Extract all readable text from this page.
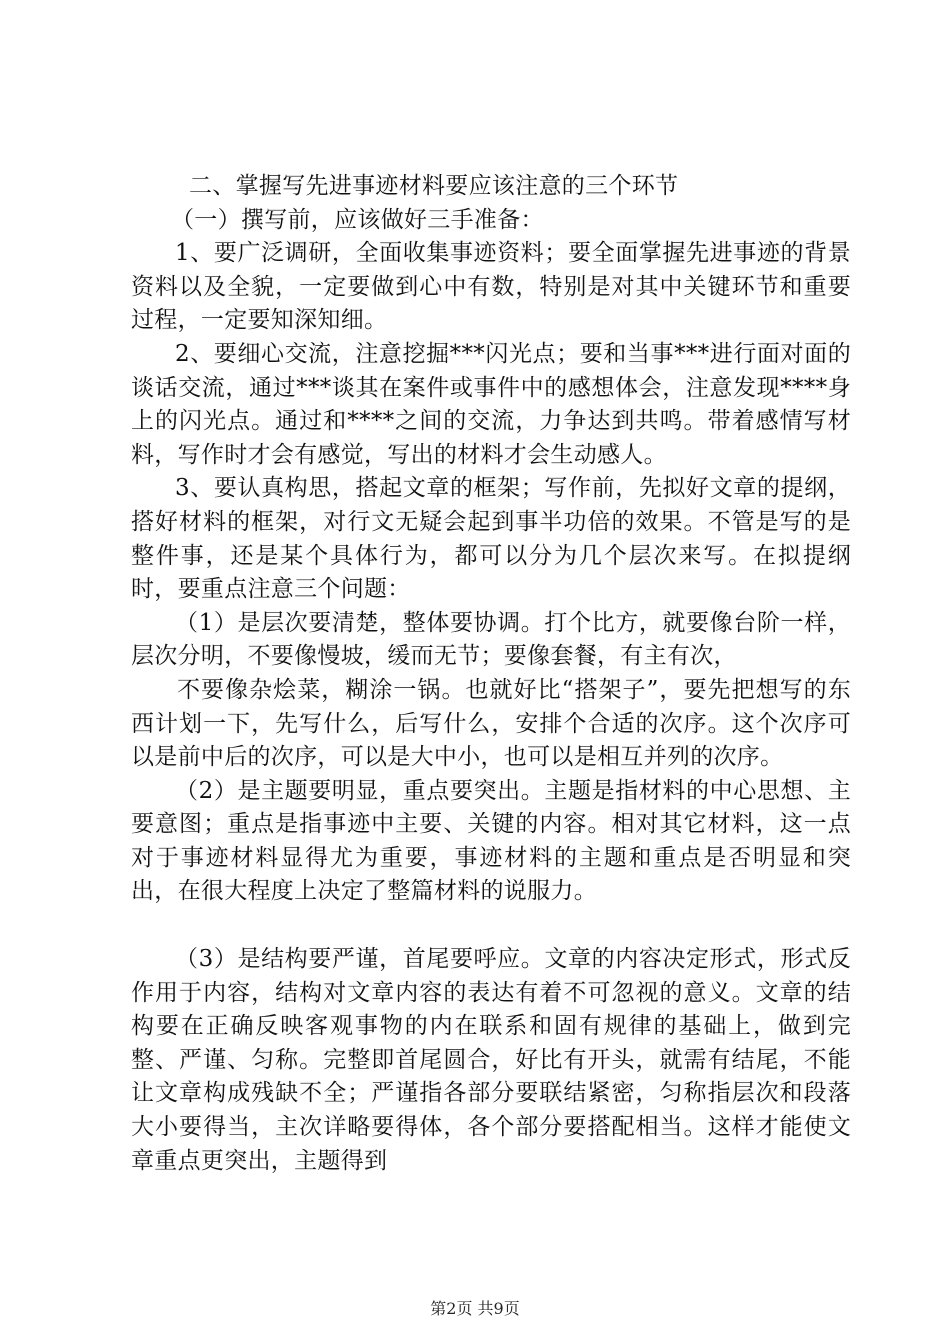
二、掌握写先进事迹材料要应该注意的三个环节

（一）撰写前，应该做好三手准备：

1、要广泛调研，全面收集事迹资料；要全面掌握先进事迹的背景资料以及全貌，一定要做到心中有数，特别是对其中关键环节和重要过程，一定要知深知细。

2、要细心交流，注意挖掘***闪光点；要和当事***进行面对面的谈话交流，通过***谈其在案件或事件中的感想体会，注意发现****身上的闪光点。通过和****之间的交流，力争达到共鸣。带着感情写材料，写作时才会有感觉，写出的材料才会生动感人。

3、要认真构思，搭起文章的框架；写作前，先拟好文章的提纲，搭好材料的框架，对行文无疑会起到事半功倍的效果。不管是写的是整件事，还是某个具体行为，都可以分为几个层次来写。在拟提纲时，要重点注意三个问题：

（1）是层次要清楚，整体要协调。打个比方，就要像台阶一样，层次分明，不要像慢坡，缓而无节；要像套餐，有主有次，

不要像杂烩菜，糊涂一锅。也就好比“搭架子”，要先把想写的东西计划一下，先写什么，后写什么，安排个合适的次序。这个次序可以是前中后的次序，可以是大中小，也可以是相互并列的次序。

（2）是主题要明显，重点要突出。主题是指材料的中心思想、主要意图；重点是指事迹中主要、关键的内容。相对其它材料，这一点对于事迹材料显得尤为重要，事迹材料的主题和重点是否明显和突出，在很大程度上决定了整篇材料的说服力。

（3）是结构要严谨，首尾要呼应。文章的内容决定形式，形式反作用于内容，结构对文章内容的表达有着不可忽视的意义。文章的结构要在正确反映客观事物的内在联系和固有规律的基础上，做到完整、严谨、匀称。完整即首尾圆合，好比有开头，就需有结尾，不能让文章构成残缺不全；严谨指各部分要联结紧密，匀称指层次和段落大小要得当，主次详略要得体，各个部分要搭配相当。这样才能使文章重点更突出，主题得到

第2页 共9页
